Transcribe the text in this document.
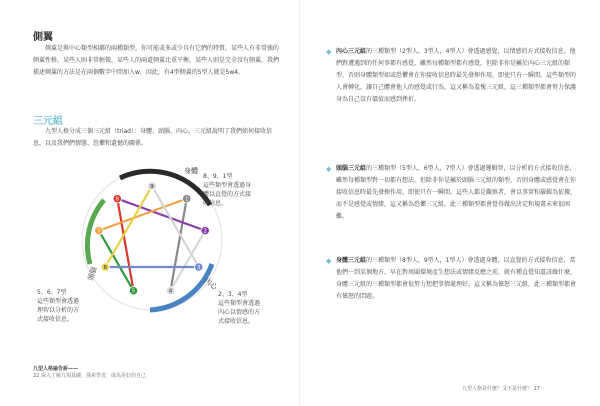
側翼

側翼是與中心類型相鄰的兩種類型，你可能或多或少具有它們的特質。某些人有非常強的側翼性格，某些人則非常輕微，某些人的兩道側翼比重平衡，某些人則是完全沒有側翼，我們描述側翼的方法是在兩個數字中間加入w，因此，有4型側翼的5型人就是5w4。

三元組

九型人格分成三個三元組（triad）：身體、頭腦、內心。三元組說明了我們如何接收信息，以及我們們情態、恐懼和遺憾的關係。

9
1
2
3
4
5
6
7
8
身體
內心
頭腦
8、9、1型
這些類型會透過身
體以直覺的方式接
收信息。
5、6、7型
這些類型會透過
理智以分析的方
式接收信息。
2、3、4型
這些類型會透過
內心以情感的方
式接收信息。
九型人格論告訴——
22 深入了解九項基礎，探索學習，成為更好的自己
◆ 內心三元組的三種類型（2型人，3型人，4型人）會透過感覺，以情感的方式接收信息。他們對遭遇到的任何事都有感覺，雖然每種類型都有感覺，但除非你是屬於內心三元組的類型，否則身體類型如或恐懼會在你接收信息時最先發揮作用，即使只有一瞬間。這些類型的人會轉化，讓自己體會他人的感覺或行為，這又稱為羞愧三元組，這三種類型都會努力保護身為自己沒有價值而感到挫折。
◆ 頭腦三元組的三種類型（5型人，6型人，7型人）會透過邏輯智，以分析的方式接收信息，雖然每種類型對一切都有想法，但除非你是屬於頭腦三元組的類型，否則身體或感覺會在你接收信息時最先發揮作用，即使只有一瞬間。這些人都是觀察者，會以事實和羅輯為依據，而不是感覺或情緒，這又稱為恐懼三元組，此三種類型都會覺得做出決定和規畫未來很困難。
◆ 身體三元組的三種類型（8型人，9型人，1型人）會透過身體，以直覺的方式接收信息，當他們一到某個地方，早在對周圍環境產生想法或情緒反應之前，就有種直覺知道該做什麼，身體三元組的三種類型都會很努力想把事情處理好。這又稱為憤怒三元組，此三種類型都會有憤怒的問題。
九型人格是什麼？又不是什麼？ 27
